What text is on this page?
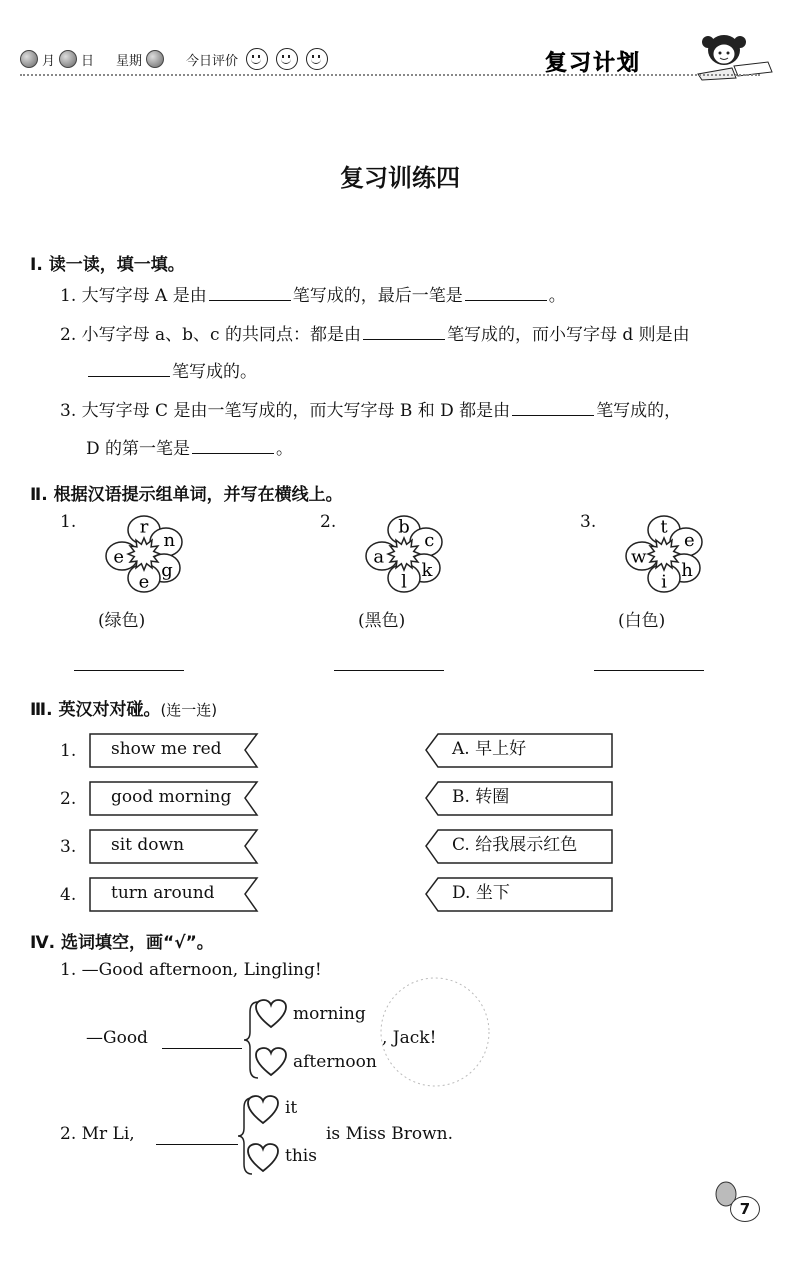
月 日 星期	今日评价	复习计划
复习训练四
Ⅰ. 读一读，填一填。
1. 大写字母 A 是由	笔写成的，最后一笔是	。
2. 小写字母 a、b、c 的共同点：都是由	笔写成的，而小写字母 d 则是由
笔写成的。
3. 大写字母 C 是由一笔写成的，而大写字母 B 和 D 都是由	笔写成的，
D 的第一笔是	。
Ⅱ. 根据汉语提示组单词，并写在横线上。
1.	r
n
g
e
e
(绿色)
2.	b
c
k
l
a
(黑色)
3.	t
e
h
i
w
(白色)
Ⅲ. 英汉对对碰。(连一连)
1. show me red
2. good morning
3. sit down
4. turn around
A. 早上好
B. 转圈
C. 给我展示红色
D. 坐下
Ⅳ. 选词填空，画“√”。
1. —Good afternoon, Lingling!
—Good
morning
afternoon
, Jack!
2. Mr Li,
it
this
is Miss Brown.
7
